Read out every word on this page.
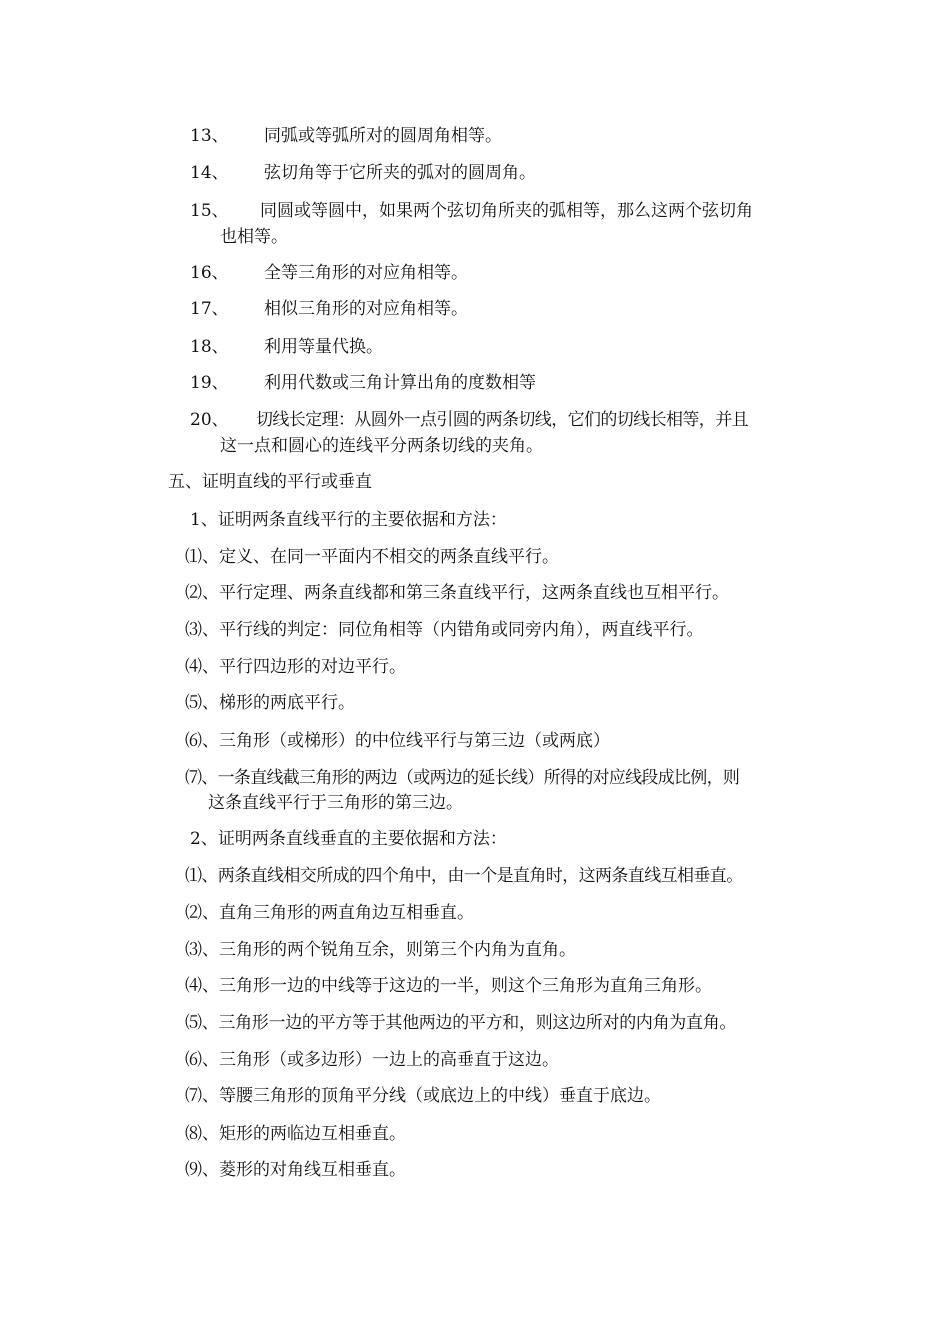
13、 同弧或等弧所对的圆周角相等。
14、 弦切角等于它所夹的弧对的圆周角。
15、 同圆或等圆中，如果两个弦切角所夹的弧相等，那么这两个弦切角
也相等。
16、 全等三角形的对应角相等。
17、 相似三角形的对应角相等。
18、 利用等量代换。
19、 利用代数或三角计算出角的度数相等
20、 切线长定理：从圆外一点引圆的两条切线，它们的切线长相等，并且
这一点和圆心的连线平分两条切线的夹角。
五、证明直线的平行或垂直
1、证明两条直线平行的主要依据和方法：
⑴、定义、在同一平面内不相交的两条直线平行。
⑵、平行定理、两条直线都和第三条直线平行，这两条直线也互相平行。
⑶、平行线的判定：同位角相等（内错角或同旁内角），两直线平行。
⑷、平行四边形的对边平行。
⑸、梯形的两底平行。
⑹、三角形（或梯形）的中位线平行与第三边（或两底）
⑺、一条直线截三角形的两边（或两边的延长线）所得的对应线段成比例，则
这条直线平行于三角形的第三边。
2、证明两条直线垂直的主要依据和方法：
⑴、两条直线相交所成的四个角中，由一个是直角时，这两条直线互相垂直。
⑵、直角三角形的两直角边互相垂直。
⑶、三角形的两个锐角互余，则第三个内角为直角。
⑷、三角形一边的中线等于这边的一半，则这个三角形为直角三角形。
⑸、三角形一边的平方等于其他两边的平方和，则这边所对的内角为直角。
⑹、三角形（或多边形）一边上的高垂直于这边。
⑺、等腰三角形的顶角平分线（或底边上的中线）垂直于底边。
⑻、矩形的两临边互相垂直。
⑼、菱形的对角线互相垂直。
